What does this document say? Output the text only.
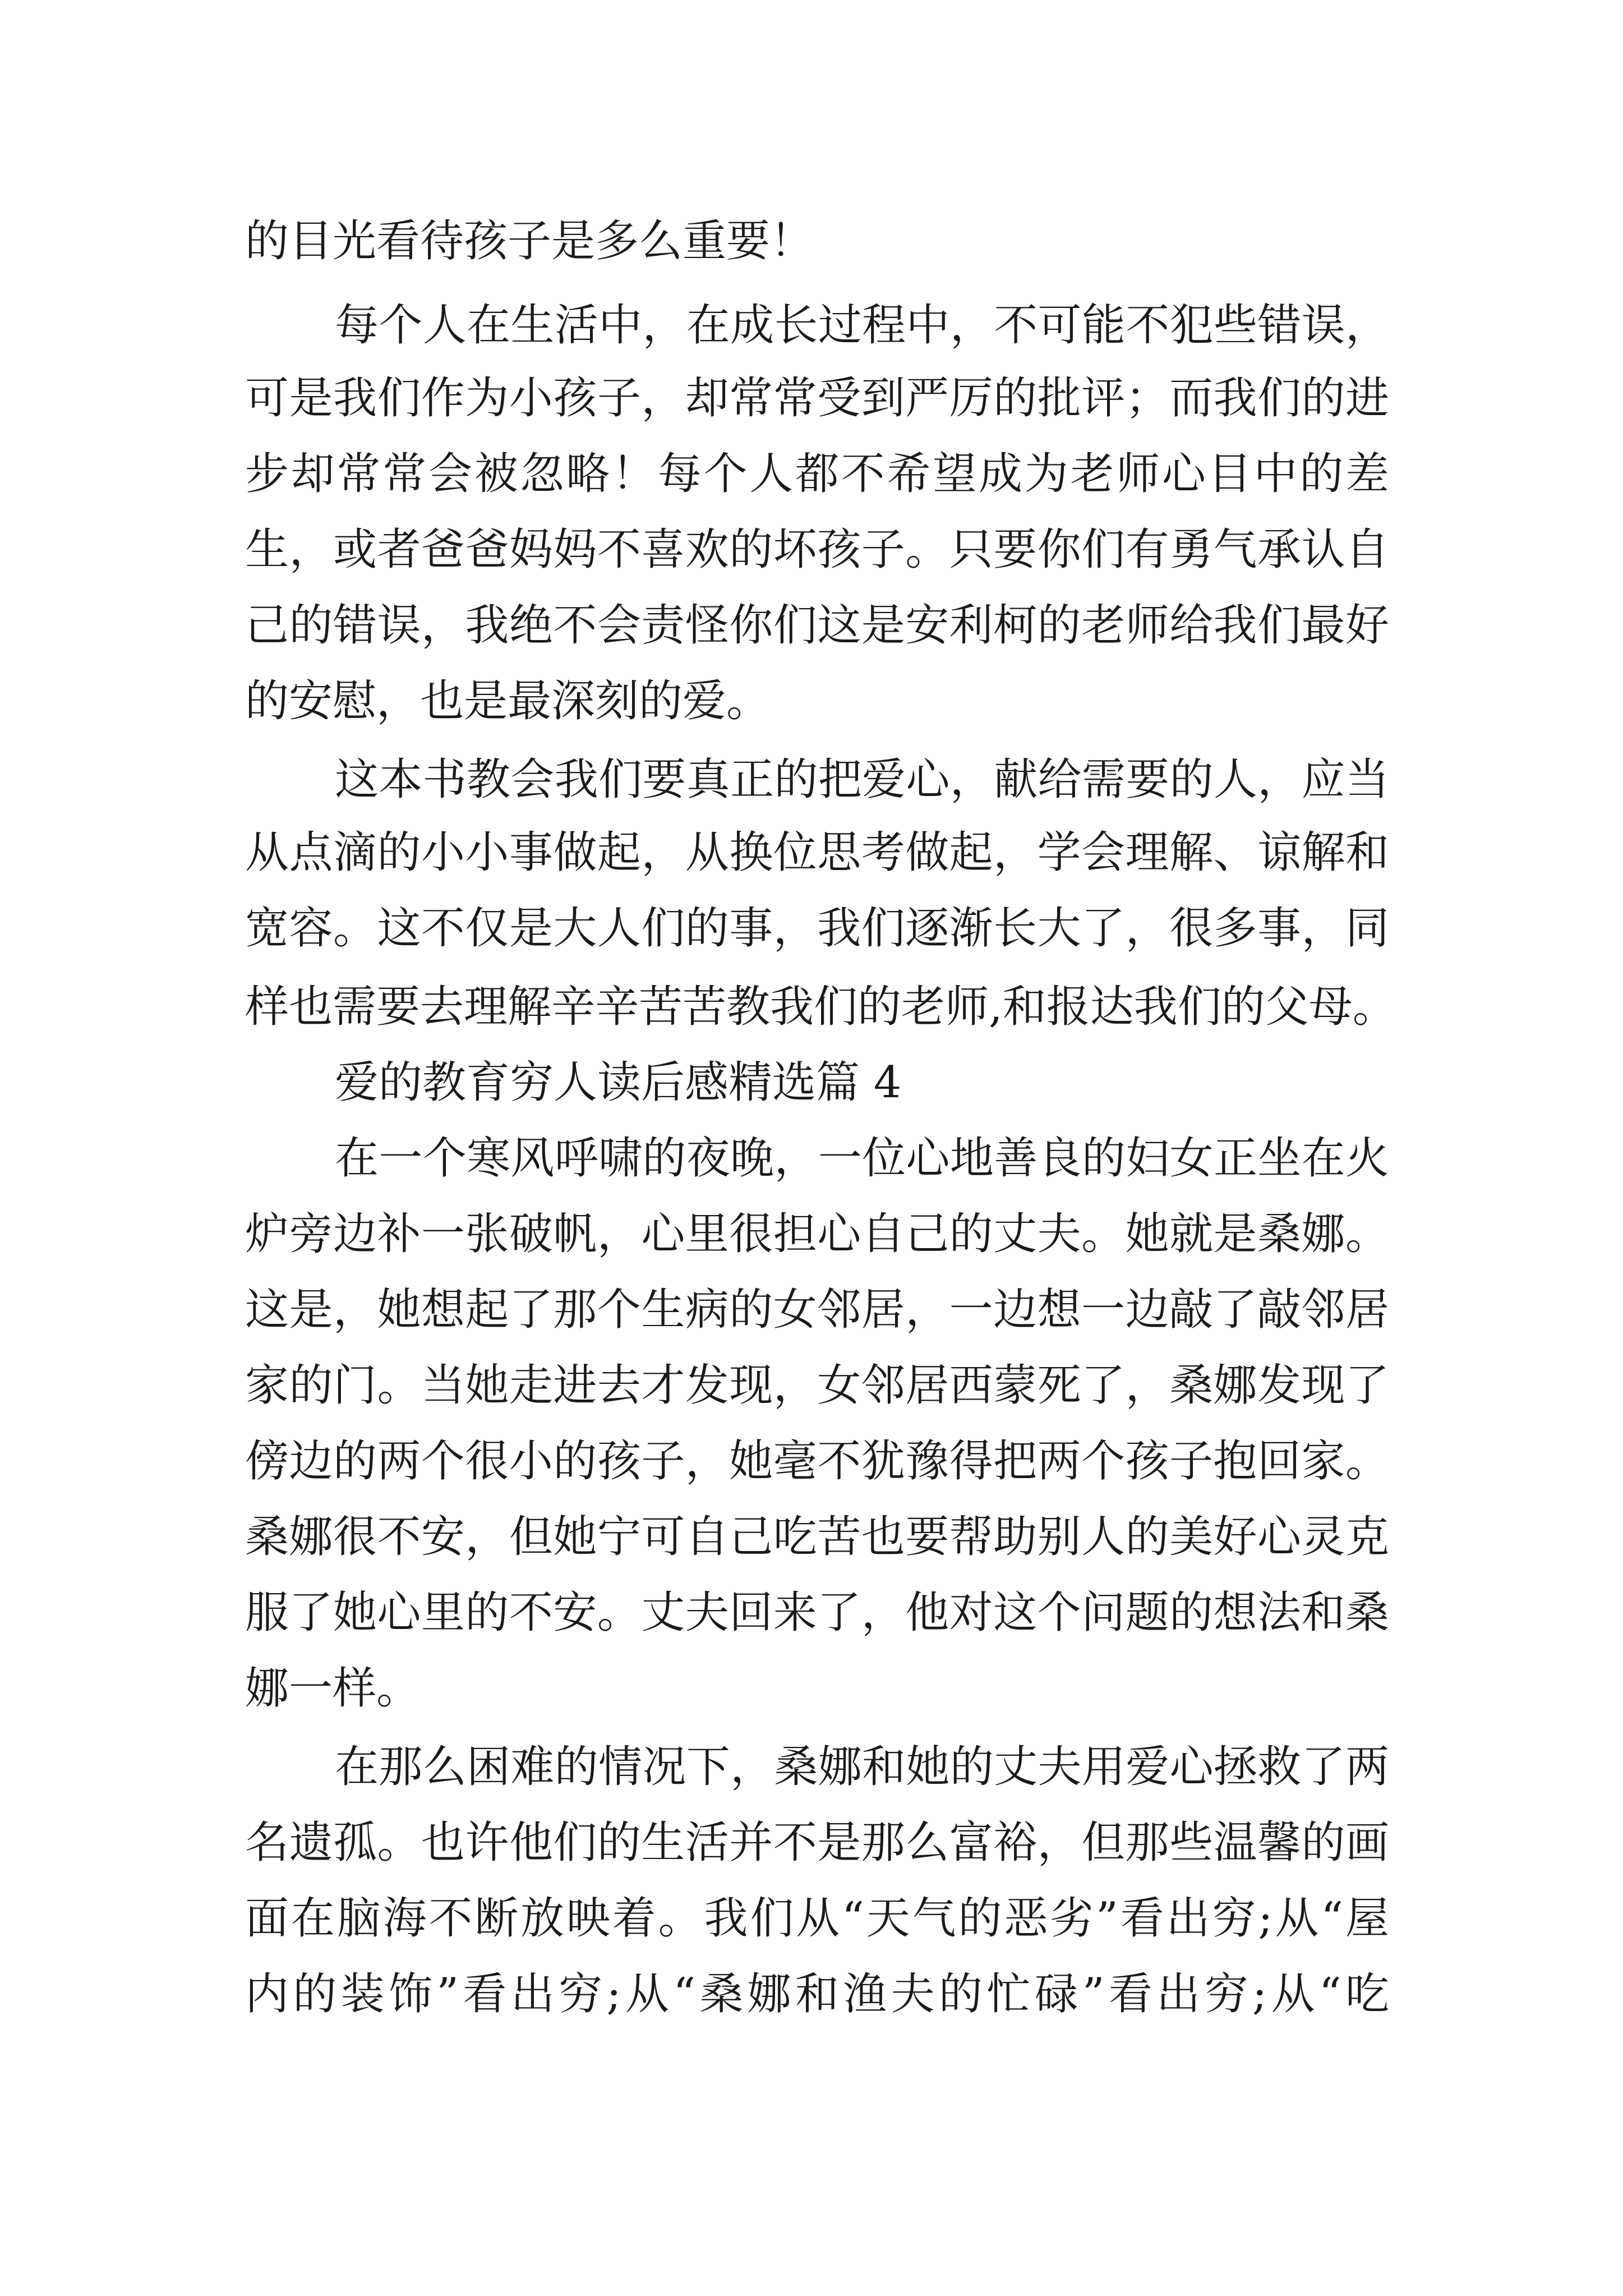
的目光看待孩子是多么重要！
每个人在生活中，在成长过程中，不可能不犯些错误，
可是我们作为小孩子，却常常受到严厉的批评；而我们的进
步却常常会被忽略！每个人都不希望成为老师心目中的差
生，或者爸爸妈妈不喜欢的坏孩子。只要你们有勇气承认自
己的错误，我绝不会责怪你们这是安利柯的老师给我们最好
的安慰，也是最深刻的爱。
这本书教会我们要真正的把爱心，献给需要的人，应当
从点滴的小小事做起，从换位思考做起，学会理解、谅解和
宽容。这不仅是大人们的事，我们逐渐长大了，很多事，同
样也需要去理解辛辛苦苦教我们的老师,和报达我们的父母。
爱的教育穷人读后感精选篇 4
在一个寒风呼啸的夜晚，一位心地善良的妇女正坐在火
炉旁边补一张破帆，心里很担心自己的丈夫。她就是桑娜。
这是，她想起了那个生病的女邻居，一边想一边敲了敲邻居
家的门。当她走进去才发现，女邻居西蒙死了，桑娜发现了
傍边的两个很小的孩子，她毫不犹豫得把两个孩子抱回家。
桑娜很不安，但她宁可自己吃苦也要帮助别人的美好心灵克
服了她心里的不安。丈夫回来了，他对这个问题的想法和桑
娜一样。
在那么困难的情况下，桑娜和她的丈夫用爱心拯救了两
名遗孤。也许他们的生活并不是那么富裕，但那些温馨的画
面在脑海不断放映着。我们从“天气的恶劣”看出穷;从“屋
内的装饰”看出穷;从“桑娜和渔夫的忙碌”看出穷;从“吃
